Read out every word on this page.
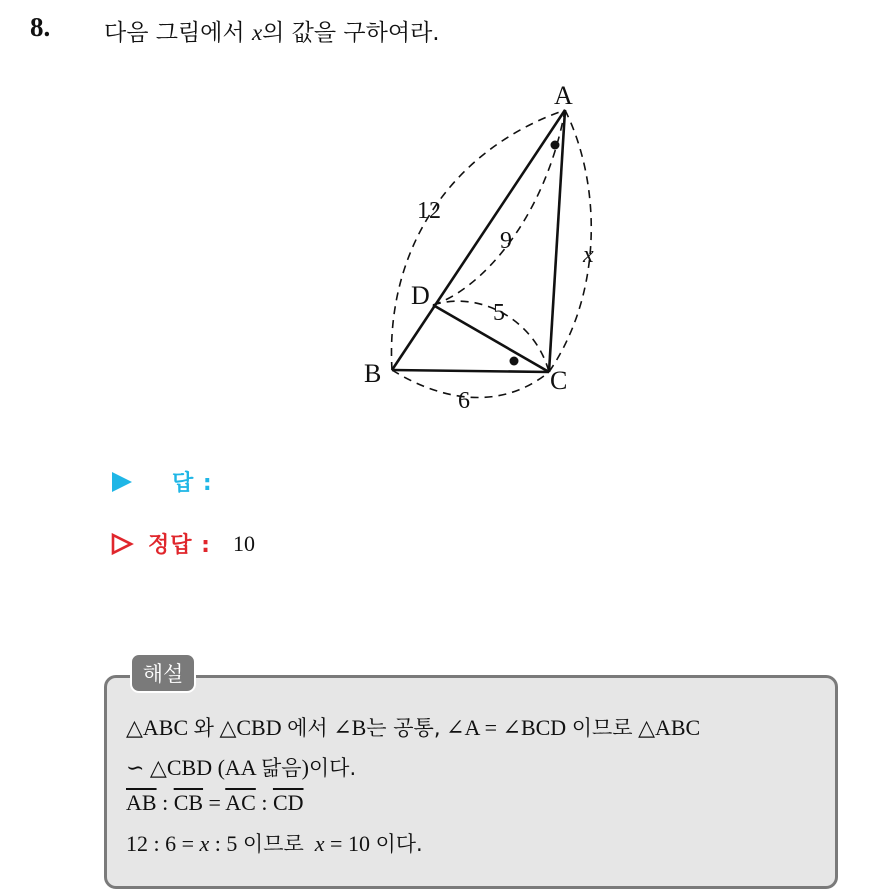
8. 다음 그림에서 x의 값을 구하여라.
A
B	C
D
12
9
5
6
x
답 :
정답 : 10
해설
△ABC 와 △CBD 에서 ∠B는 공통, ∠A = ∠BCD 이므로 △ABC
∽ △CBD (AA 닮음)이다.
$\overline{AB}$ : $\overline{CB} = \overline{AC}$ : $\overline{CD}$
12 : 6 = x : 5 이므로 x = 10 이다.
